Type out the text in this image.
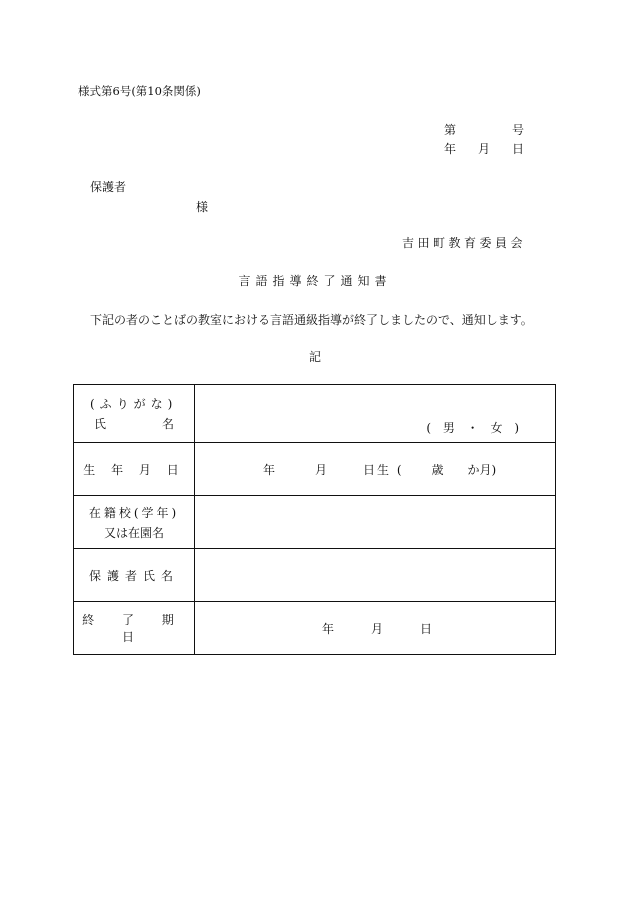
様式第6号(第10条関係)
第	号
年 月 日
保護者
様
吉田町教育委員会
言語指導終了通知書
下記の者のことばの教室における言語通級指導が終了しましたので、通知します。
記
(ふりがな)
氏 名	( 男 ・ 女 )

生 年 月 日	年 月 日生 ( 歳 か月)

在籍校(学年)
又は在園名	

保護者氏名	
終 了 期 日	年 月 日
